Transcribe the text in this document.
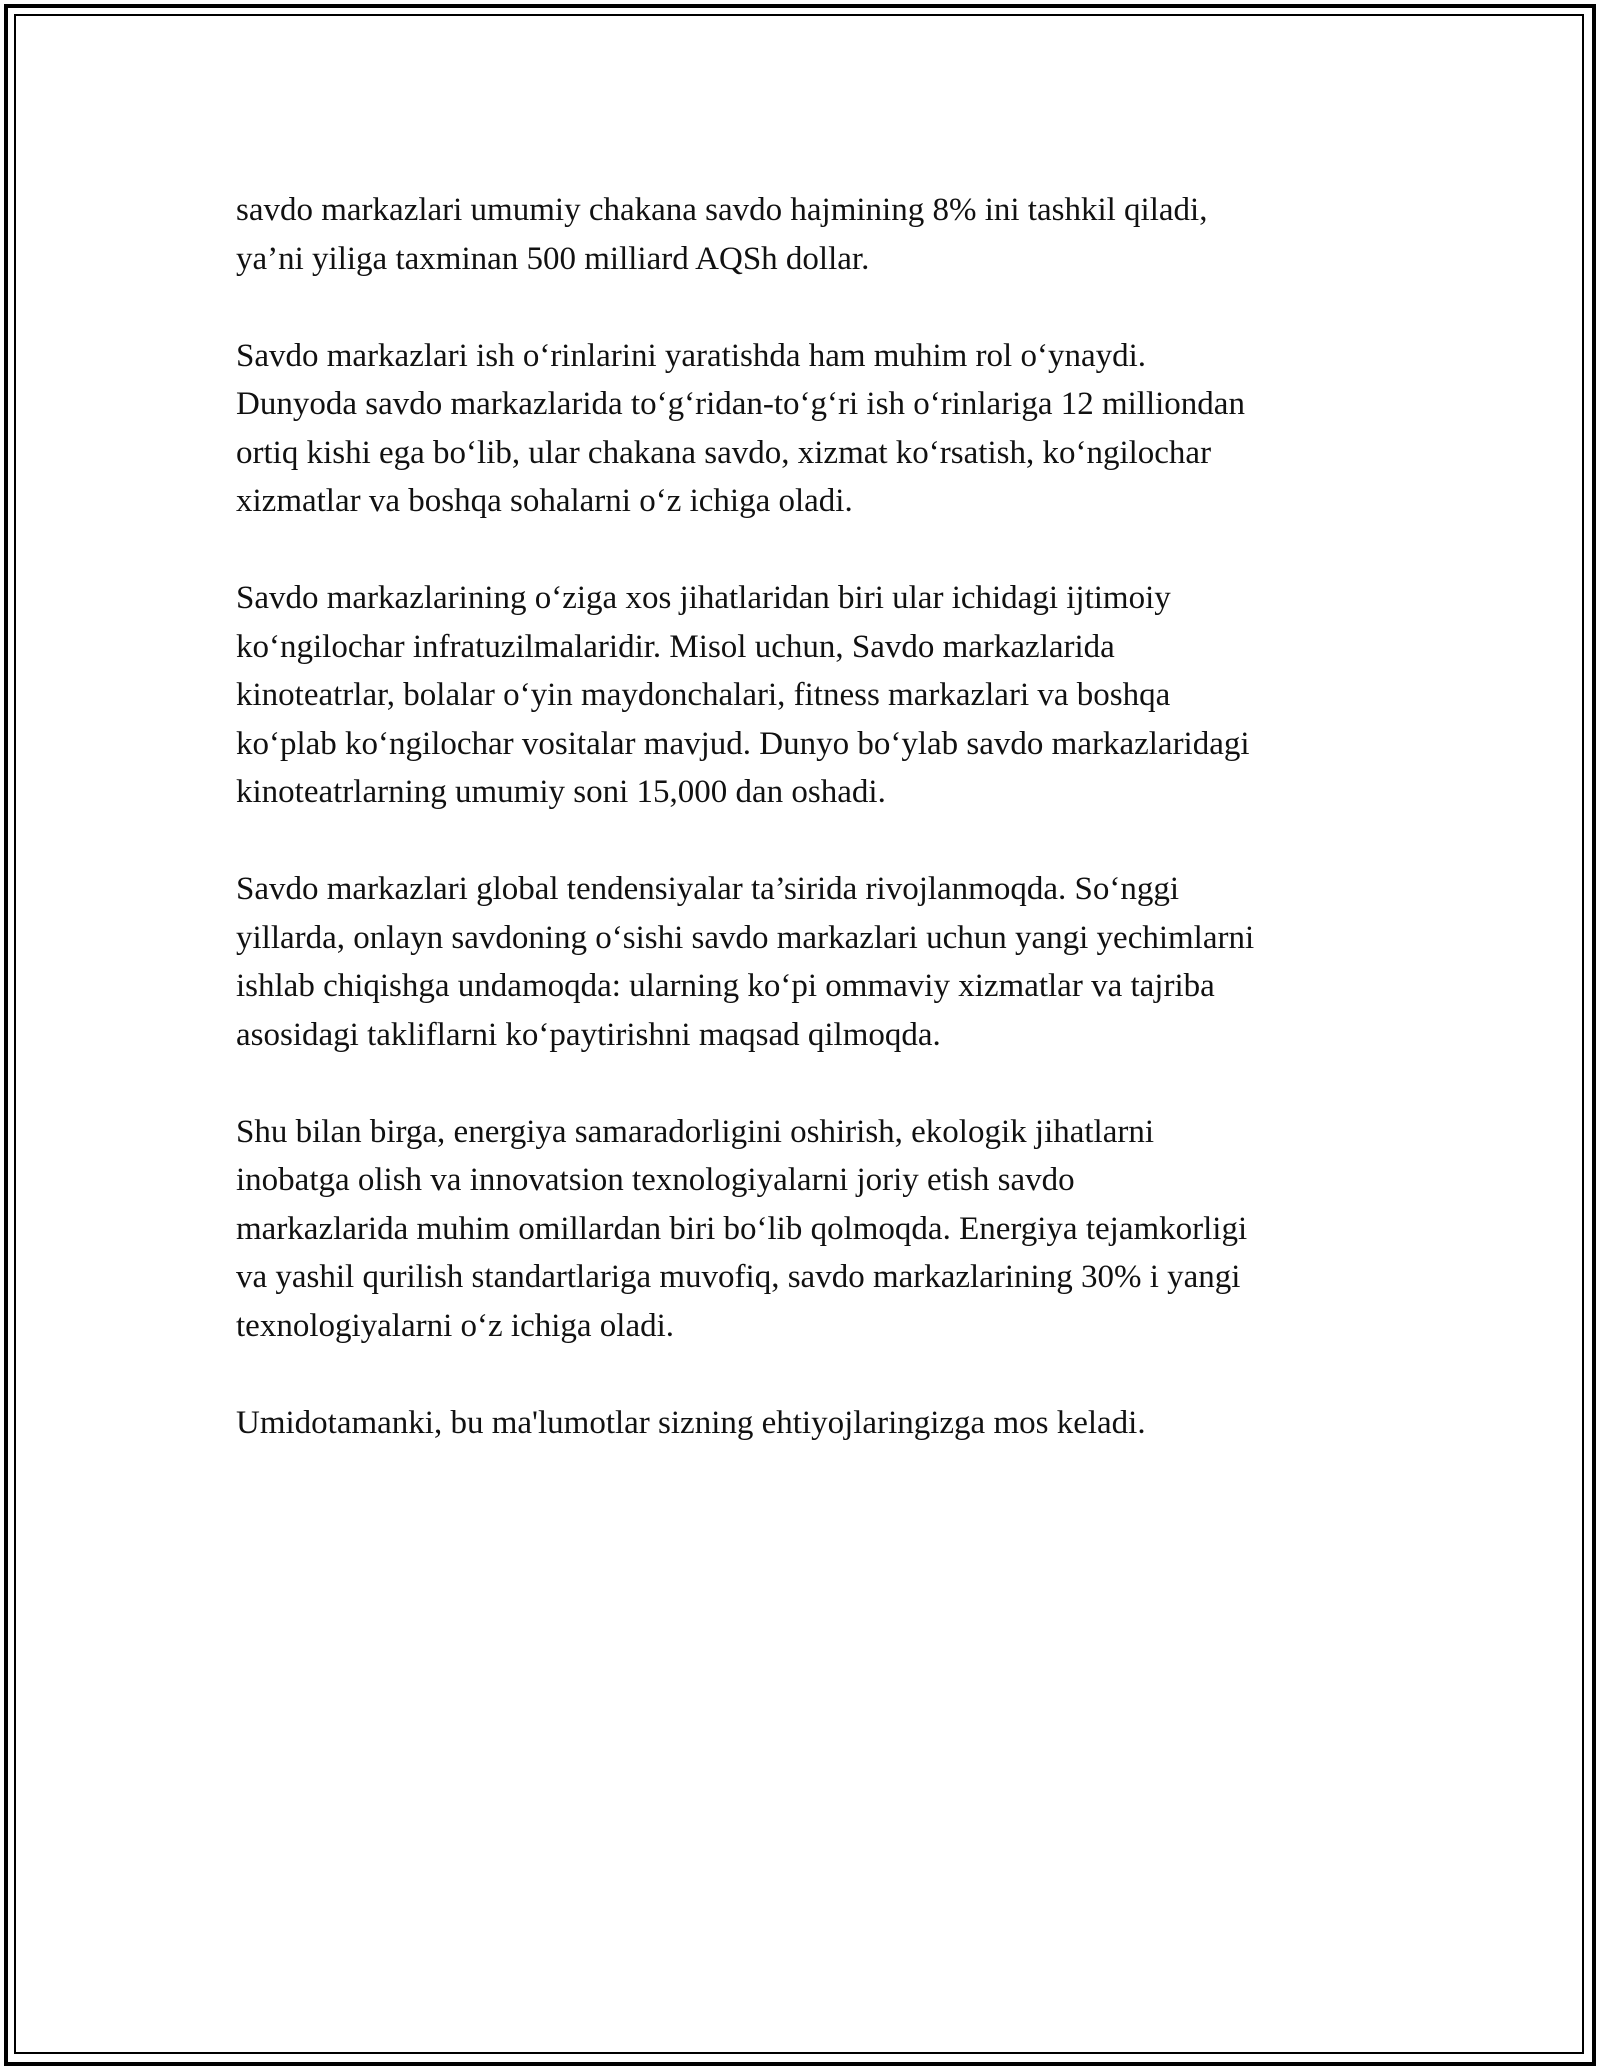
savdo markazlari umumiy chakana savdo hajmining 8% ini tashkil qiladi,
ya’ni yiliga taxminan 500 milliard AQSh dollar.

Savdo markazlari ish o‘rinlarini yaratishda ham muhim rol o‘ynaydi.
Dunyoda savdo markazlarida to‘g‘ridan-to‘g‘ri ish o‘rinlariga 12 milliondan
ortiq kishi ega bo‘lib, ular chakana savdo, xizmat ko‘rsatish, ko‘ngilochar
xizmatlar va boshqa sohalarni o‘z ichiga oladi.

Savdo markazlarining o‘ziga xos jihatlaridan biri ular ichidagi ijtimoiy
ko‘ngilochar infratuzilmalaridir. Misol uchun, Savdo markazlarida
kinoteatrlar, bolalar o‘yin maydonchalari, fitness markazlari va boshqa
ko‘plab ko‘ngilochar vositalar mavjud. Dunyo bo‘ylab savdo markazlaridagi
kinoteatrlarning umumiy soni 15,000 dan oshadi.

Savdo markazlari global tendensiyalar ta’sirida rivojlanmoqda. So‘nggi
yillarda, onlayn savdoning o‘sishi savdo markazlari uchun yangi yechimlarni
ishlab chiqishga undamoqda: ularning ko‘pi ommaviy xizmatlar va tajriba
asosidagi takliflarni ko‘paytirishni maqsad qilmoqda.

Shu bilan birga, energiya samaradorligini oshirish, ekologik jihatlarni
inobatga olish va innovatsion texnologiyalarni joriy etish savdo
markazlarida muhim omillardan biri bo‘lib qolmoqda. Energiya tejamkorligi
va yashil qurilish standartlariga muvofiq, savdo markazlarining 30% i yangi
texnologiyalarni o‘z ichiga oladi.

Umidotamanki, bu ma'lumotlar sizning ehtiyojlaringizga mos keladi.
